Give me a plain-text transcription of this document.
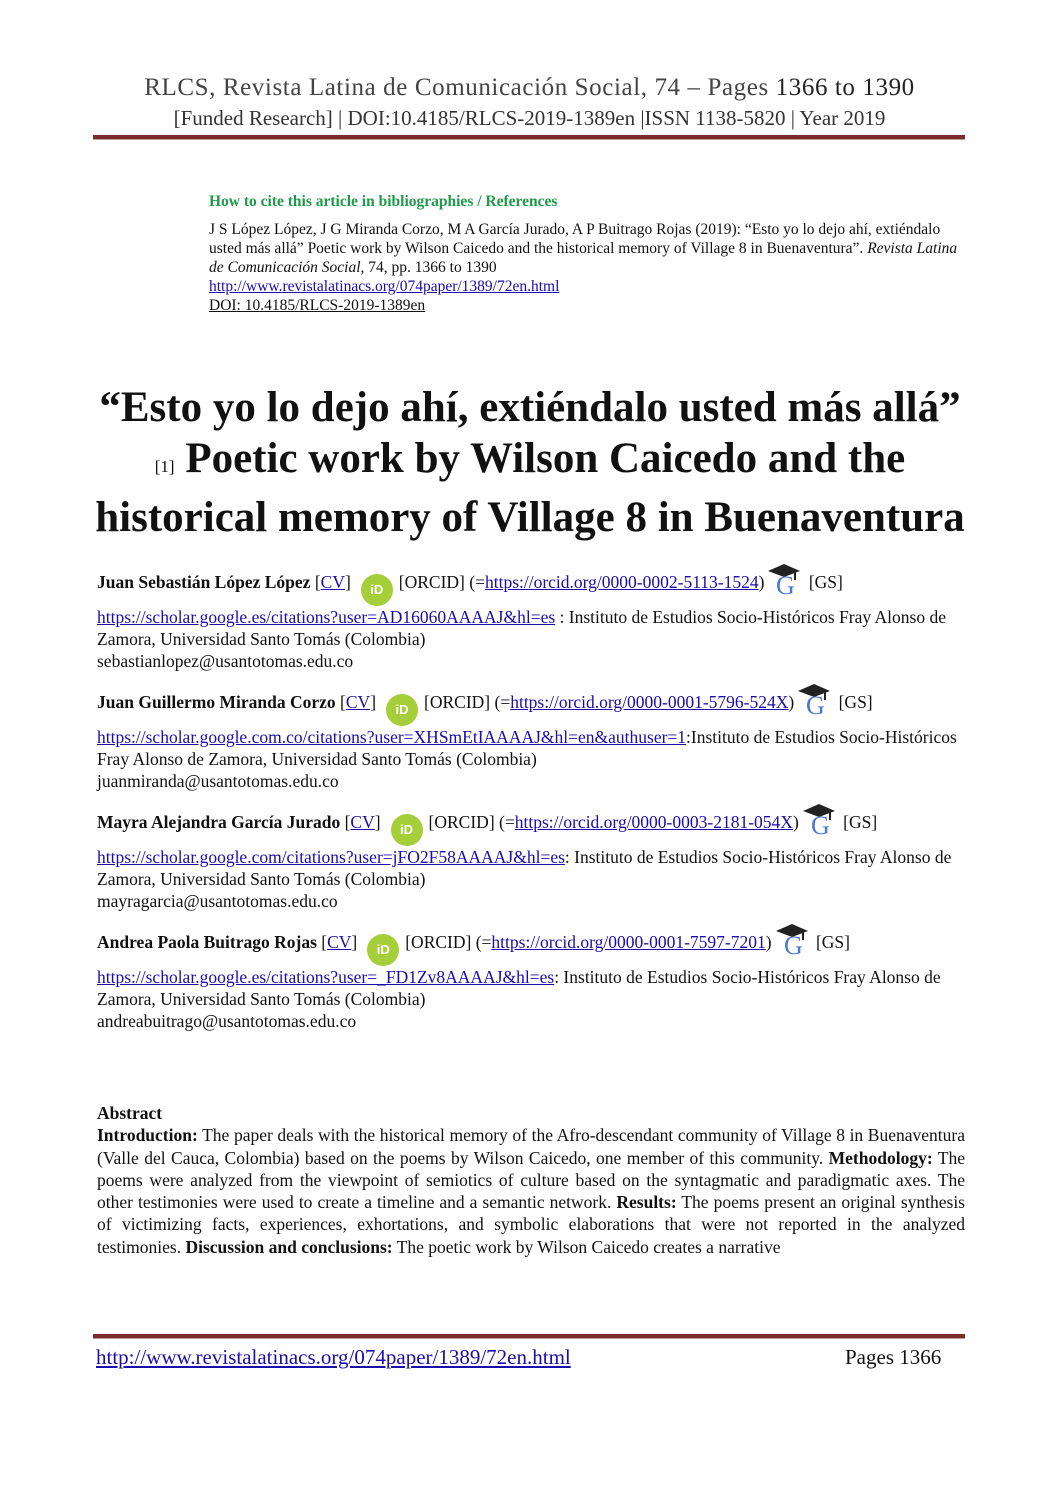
RLCS, Revista Latina de Comunicación Social, 74 – Pages 1366 to 1390
[Funded Research] | DOI:10.4185/RLCS-2019-1389en |ISSN 1138-5820 | Year 2019
How to cite this article in bibliographies / References
J S López López, J G Miranda Corzo, M A García Jurado, A P Buitrago Rojas (2019): “Esto yo lo dejo ahí, extiéndalo usted más allá” Poetic work by Wilson Caicedo and the historical memory of Village 8 in Buenaventura”. Revista Latina de Comunicación Social, 74, pp. 1366 to 1390
http://www.revistalatinacs.org/074paper/1389/72en.html
DOI: 10.4185/RLCS-2019-1389en
“Esto yo lo dejo ahí, extiéndalo usted más allá”
[1] Poetic work by Wilson Caicedo and the
historical memory of Village 8 in Buenaventura
Juan Sebastián López López [CV] iD [ORCID] (=https://orcid.org/0000-0002-5113-1524) G [GS] https://scholar.google.es/citations?user=AD16060AAAAJ&hl=es : Instituto de Estudios Socio-Históricos Fray Alonso de Zamora, Universidad Santo Tomás (Colombia)
sebastianlopez@usantotomas.edu.co
Juan Guillermo Miranda Corzo [CV] iD [ORCID] (=https://orcid.org/0000-0001-5796-524X) G [GS] https://scholar.google.com.co/citations?user=XHSmEtIAAAAJ&hl=en&authuser=1:Instituto de Estudios Socio-Históricos Fray Alonso de Zamora, Universidad Santo Tomás (Colombia)
juanmiranda@usantotomas.edu.co
Mayra Alejandra García Jurado [CV] iD [ORCID] (=https://orcid.org/0000-0003-2181-054X) G [GS] https://scholar.google.com/citations?user=jFO2F58AAAAJ&hl=es: Instituto de Estudios Socio-Históricos Fray Alonso de Zamora, Universidad Santo Tomás (Colombia)
mayragarcia@usantotomas.edu.co
Andrea Paola Buitrago Rojas [CV] iD [ORCID] (=https://orcid.org/0000-0001-7597-7201) G [GS] https://scholar.google.es/citations?user=_FD1Zv8AAAAJ&hl=es: Instituto de Estudios Socio-Históricos Fray Alonso de Zamora, Universidad Santo Tomás (Colombia)
andreabuitrago@usantotomas.edu.co
Abstract
Introduction: The paper deals with the historical memory of the Afro-descendant community of Village 8 in Buenaventura (Valle del Cauca, Colombia) based on the poems by Wilson Caicedo, one member of this community. Methodology: The poems were analyzed from the viewpoint of semiotics of culture based on the syntagmatic and paradigmatic axes. The other testimonies were used to create a timeline and a semantic network. Results: The poems present an original synthesis of victimizing facts, experiences, exhortations, and symbolic elaborations that were not reported in the analyzed testimonies. Discussion and conclusions: The poetic work by Wilson Caicedo creates a narrative
http://www.revistalatinacs.org/074paper/1389/72en.html	Pages 1366
